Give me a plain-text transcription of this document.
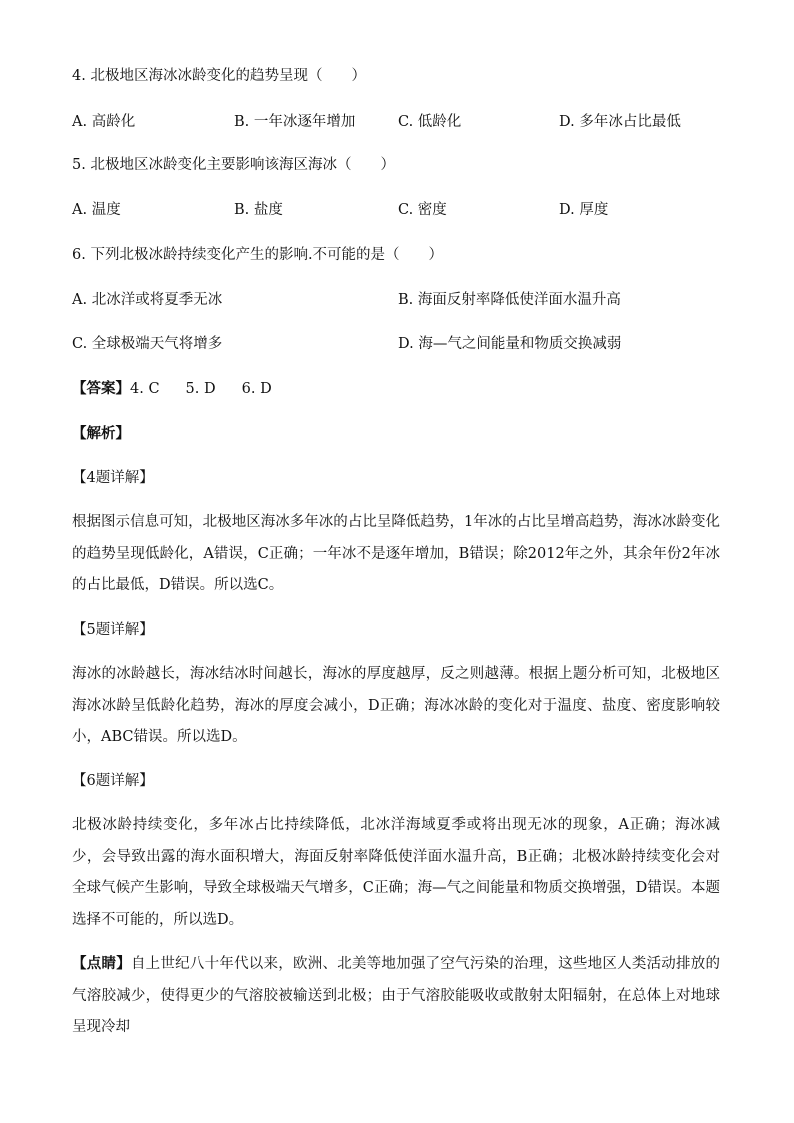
4. 北极地区海冰冰龄变化的趋势呈现（　　）
A. 高龄化	B. 一年冰逐年增加	C. 低龄化	D. 多年冰占比最低
5. 北极地区冰龄变化主要影响该海区海冰（　　）
A. 温度	B. 盐度	C. 密度	D. 厚度
6. 下列北极冰龄持续变化产生的影响.不可能的是（　　）
A. 北冰洋或将夏季无冰	B. 海面反射率降低使洋面水温升高
C. 全球极端天气将增多	D. 海—气之间能量和物质交换减弱
【答案】4. C 5. D 6. D
【解析】
【4题详解】
根据图示信息可知，北极地区海冰多年冰的占比呈降低趋势，1年冰的占比呈增高趋势，海冰冰龄变化的趋势呈现低龄化，A错误，C正确；一年冰不是逐年增加，B错误；除2012年之外，其余年份2年冰的占比最低，D错误。所以选C。
【5题详解】
海冰的冰龄越长，海冰结冰时间越长，海冰的厚度越厚，反之则越薄。根据上题分析可知，北极地区海冰冰龄呈低龄化趋势，海冰的厚度会减小，D正确；海冰冰龄的变化对于温度、盐度、密度影响较小，ABC错误。所以选D。
【6题详解】
北极冰龄持续变化，多年冰占比持续降低，北冰洋海域夏季或将出现无冰的现象，A正确；海冰减少，会导致出露的海水面积增大，海面反射率降低使洋面水温升高，B正确；北极冰龄持续变化会对全球气候产生影响，导致全球极端天气增多，C正确；海—气之间能量和物质交换增强，D错误。本题选择不可能的，所以选D。
【点睛】自上世纪八十年代以来，欧洲、北美等地加强了空气污染的治理，这些地区人类活动排放的气溶胶减少，使得更少的气溶胶被输送到北极；由于气溶胶能吸收或散射太阳辐射，在总体上对地球呈现冷却
